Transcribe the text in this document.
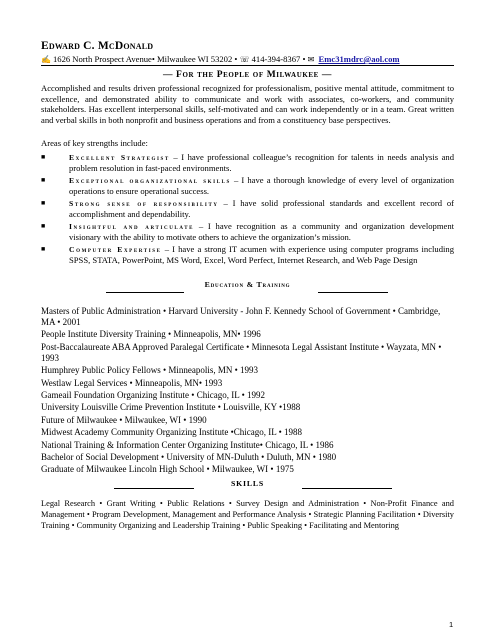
Edward C. McDonald
✍ 1626 North Prospect Avenue• Milwaukee WI 53202 • ☏ 414-394-8367 • ✉ Emc31mdrc@aol.com
— For the People of Milwaukee —
Accomplished and results driven professional recognized for professionalism, positive mental attitude, commitment to excellence, and demonstrated ability to communicate and work with associates, co-workers, and community stakeholders. Has excellent interpersonal skills, self-motivated and can work independently or in a team. Great written and verbal skills in both nonprofit and business operations and from a constituency base perspectives.
Areas of key strengths include:
■	Excellent Strategist – I have professional colleague’s recognition for talents in needs analysis and problem resolution in fast-paced environments.
■	Exceptional organizational skills – I have a thorough knowledge of every level of organization operations to ensure operational success.
■	Strong sense of responsibility – I have solid professional standards and excellent record of accomplishment and dependability.
■	Insightful and articulate – I have recognition as a community and organization development visionary with the ability to motivate others to achieve the organization’s mission.
■	Computer Expertise – I have a strong IT acumen with experience using computer programs including SPSS, STATA, PowerPoint, MS Word, Excel, Word Perfect, Internet Research, and Web Page Design
Education & Training
Masters of Public Administration • Harvard University - John F. Kennedy School of Government • Cambridge, MA • 2001
People Institute Diversity Training • Minneapolis, MN• 1996
Post-Baccalaureate ABA Approved Paralegal Certificate • Minnesota Legal Assistant Institute • Wayzata, MN • 1993
Humphrey Public Policy Fellows • Minneapolis, MN • 1993
Westlaw Legal Services • Minneapolis, MN• 1993
Gameail Foundation Organizing Institute • Chicago, IL • 1992
University Louisville Crime Prevention Institute • Louisville, KY •1988
Future of Milwaukee • Milwaukee, WI • 1990
Midwest Academy Community Organizing Institute •Chicago, IL • 1988
National Training & Information Center Organizing Institute• Chicago, IL • 1986
Bachelor of Social Development • University of MN-Duluth • Duluth, MN • 1980
Graduate of Milwaukee Lincoln High School • Milwaukee, WI • 1975
SKILLS
Legal Research • Grant Writing • Public Relations • Survey Design and Administration • Non-Profit Finance and Management • Program Development, Management and Performance Analysis • Strategic Planning Facilitation • Diversity Training • Community Organizing and Leadership Training • Public Speaking • Facilitating and Mentoring
1
